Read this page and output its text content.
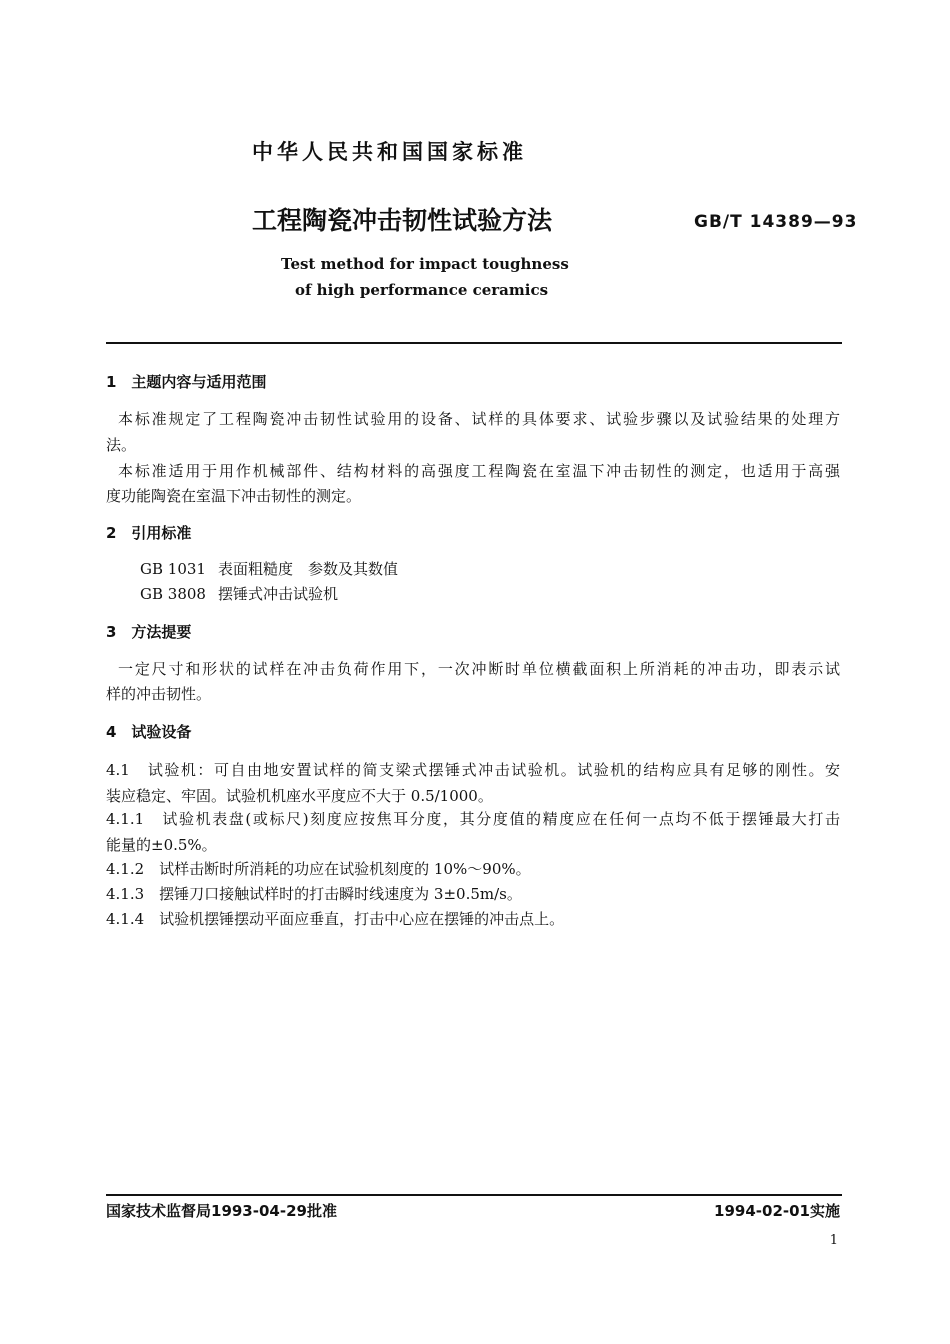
中华人民共和国国家标准
工程陶瓷冲击韧性试验方法	GB/T 14389—93
Test method for impact toughness
of high performance ceramics
1　主题内容与适用范围
本标准规定了工程陶瓷冲击韧性试验用的设备、试样的具体要求、试验步骤以及试验结果的处理方
法。
本标准适用于用作机械部件、结构材料的高强度工程陶瓷在室温下冲击韧性的测定，也适用于高强
度功能陶瓷在室温下冲击韧性的测定。
2　引用标准
GB 1031 表面粗糙度　参数及其数值
GB 3808 摆锤式冲击试验机
3　方法提要
一定尺寸和形状的试样在冲击负荷作用下，一次冲断时单位横截面积上所消耗的冲击功，即表示试
样的冲击韧性。
4　试验设备
4.1　试验机：可自由地安置试样的简支梁式摆锤式冲击试验机。试验机的结构应具有足够的刚性。安
装应稳定、牢固。试验机机座水平度应不大于 0.5/1000。
4.1.1　试验机表盘(或标尺)刻度应按焦耳分度，其分度值的精度应在任何一点均不低于摆锤最大打击
能量的±0.5%。
4.1.2　试样击断时所消耗的功应在试验机刻度的 10%～90%。
4.1.3　摆锤刀口接触试样时的打击瞬时线速度为 3±0.5m/s。
4.1.4　试验机摆锤摆动平面应垂直，打击中心应在摆锤的冲击点上。
国家技术监督局1993-04-29批准	1994-02-01实施
1
